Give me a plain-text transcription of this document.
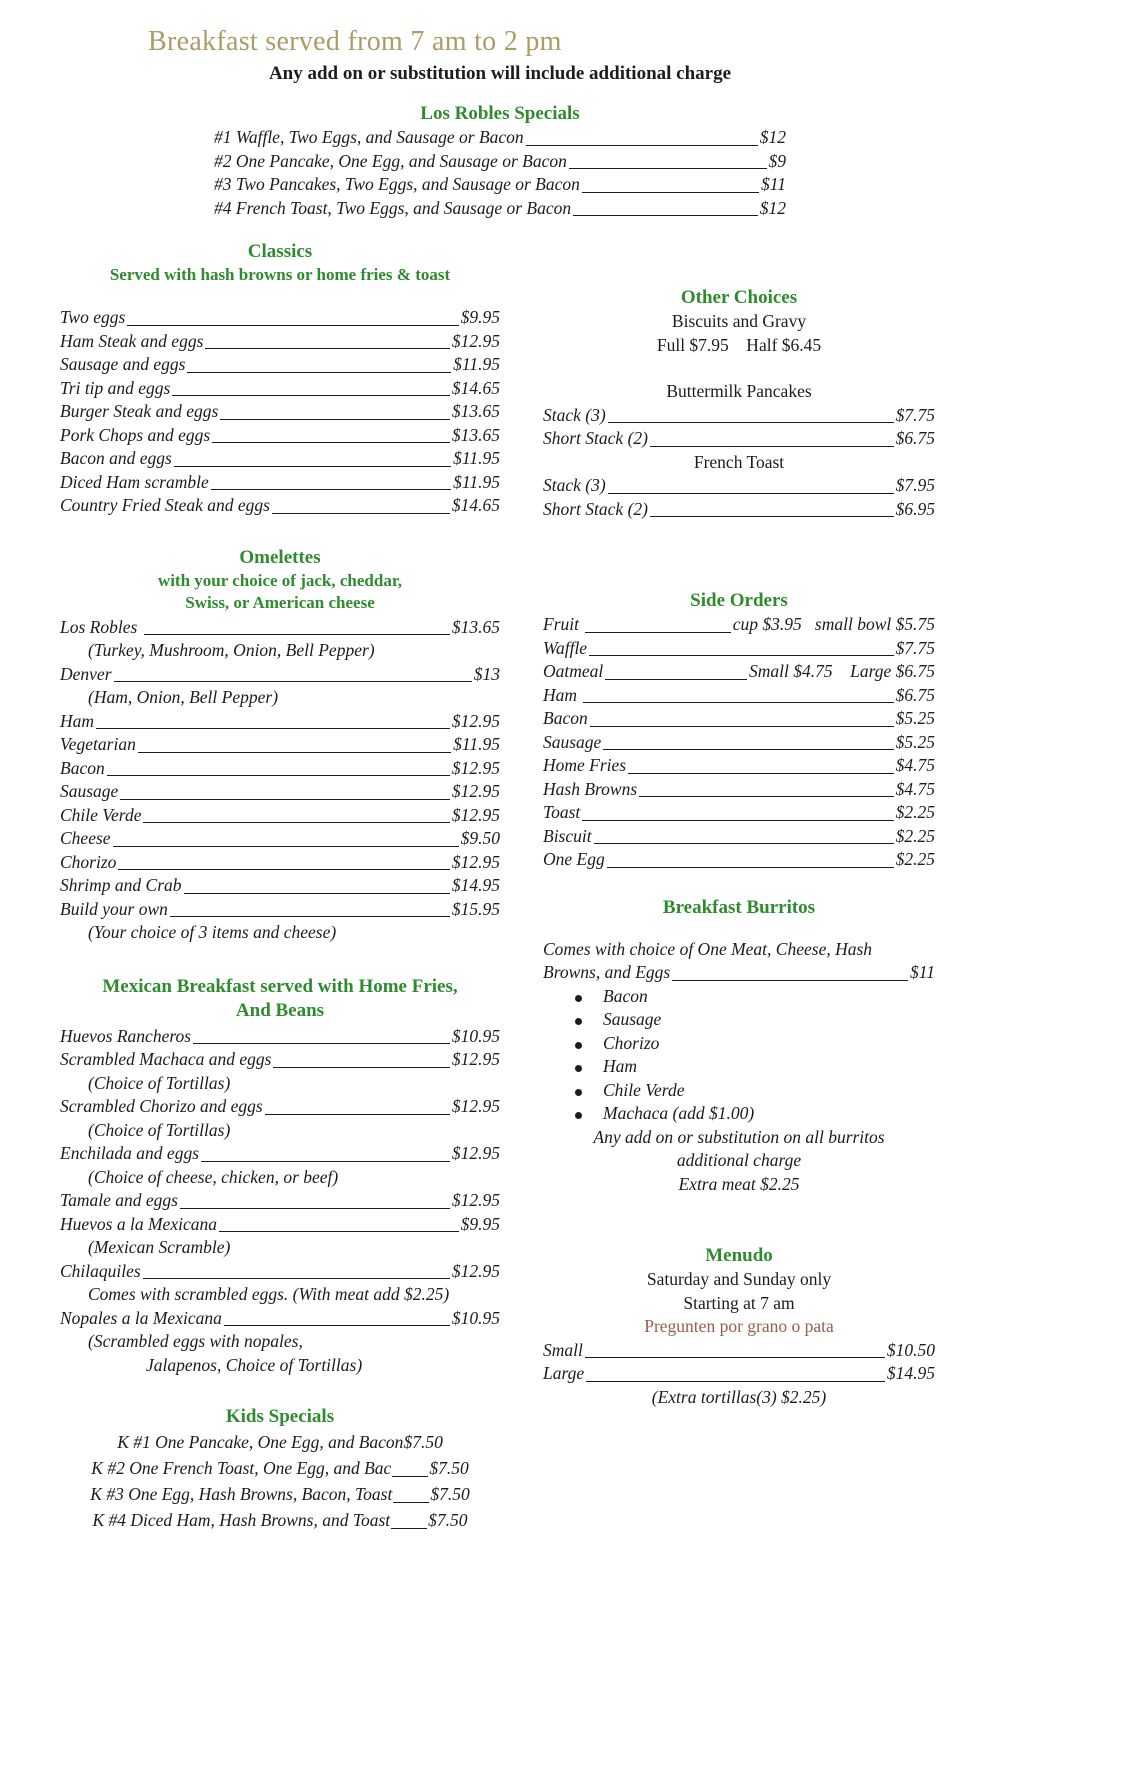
Breakfast served from 7 am to 2 pm
Any add on or substitution will include additional charge
Los Robles Specials
#1 Waffle, Two Eggs, and Sausage or Bacon	$12
#2 One Pancake, One Egg, and Sausage or Bacon	$9
#3 Two Pancakes, Two Eggs, and Sausage or Bacon	$11
#4 French Toast, Two Eggs, and Sausage or Bacon	$12
Classics
Served with hash browns or home fries & toast
Two eggs	$9.95
Ham Steak and eggs	$12.95
Sausage and eggs	$11.95
Tri tip and eggs	$14.65
Burger Steak and eggs	$13.65
Pork Chops and eggs	$13.65
Bacon and eggs	$11.95
Diced Ham scramble	$11.95
Country Fried Steak and eggs	$14.65
Omelettes
with your choice of jack, cheddar,
Swiss, or American cheese
Los Robles	$13.65
(Turkey, Mushroom, Onion, Bell Pepper)
Denver	$13
(Ham, Onion, Bell Pepper)
Ham	$12.95
Vegetarian	$11.95
Bacon	$12.95
Sausage	$12.95
Chile Verde	$12.95
Cheese	$9.50
Chorizo	$12.95
Shrimp and Crab	$14.95
Build your own	$15.95
(Your choice of 3 items and cheese)
Mexican Breakfast served with Home Fries,
And Beans
Huevos Rancheros	$10.95
Scrambled Machaca and eggs	$12.95
(Choice of Tortillas)
Scrambled Chorizo and eggs	$12.95
(Choice of Tortillas)
Enchilada and eggs	$12.95
(Choice of cheese, chicken, or beef)
Tamale and eggs	$12.95
Huevos a la Mexicana	$9.95
(Mexican Scramble)
Chilaquiles	$12.95
Comes with scrambled eggs. (With meat add $2.25)
Nopales a la Mexicana	$10.95
(Scrambled eggs with nopales,
Jalapenos, Choice of Tortillas)
Kids Specials
K #1 One Pancake, One Egg, and Bacon $7.50
K #2 One French Toast, One Egg, and Bac $7.50
K #3 One Egg, Hash Browns, Bacon, Toast $7.50
K #4 Diced Ham, Hash Browns, and Toast $7.50
Other Choices
Biscuits and Gravy
Full $7.95    Half $6.45
Buttermilk Pancakes
Stack (3)	$7.75
Short Stack (2)	$6.75
French Toast
Stack (3)	$7.95
Short Stack (2)	$6.95
Side Orders
Fruit	cup $3.95   small bowl $5.75
Waffle	$7.75
Oatmeal	Small $4.75    Large $6.75
Ham	$6.75
Bacon	$5.25
Sausage	$5.25
Home Fries	$4.75
Hash Browns	$4.75
Toast	$2.25
Biscuit	$2.25
One Egg	$2.25
Breakfast Burritos
Comes with choice of One Meat, Cheese, Hash
Browns, and Eggs	$11
Bacon
Sausage
Chorizo
Ham
Chile Verde
Machaca (add $1.00)
Any add on or substitution on all burritos
additional charge
Extra meat $2.25
Menudo
Saturday and Sunday only
Starting at 7 am
Pregunten por grano o pata
Small	$10.50
Large	$14.95
(Extra tortillas(3) $2.25)
